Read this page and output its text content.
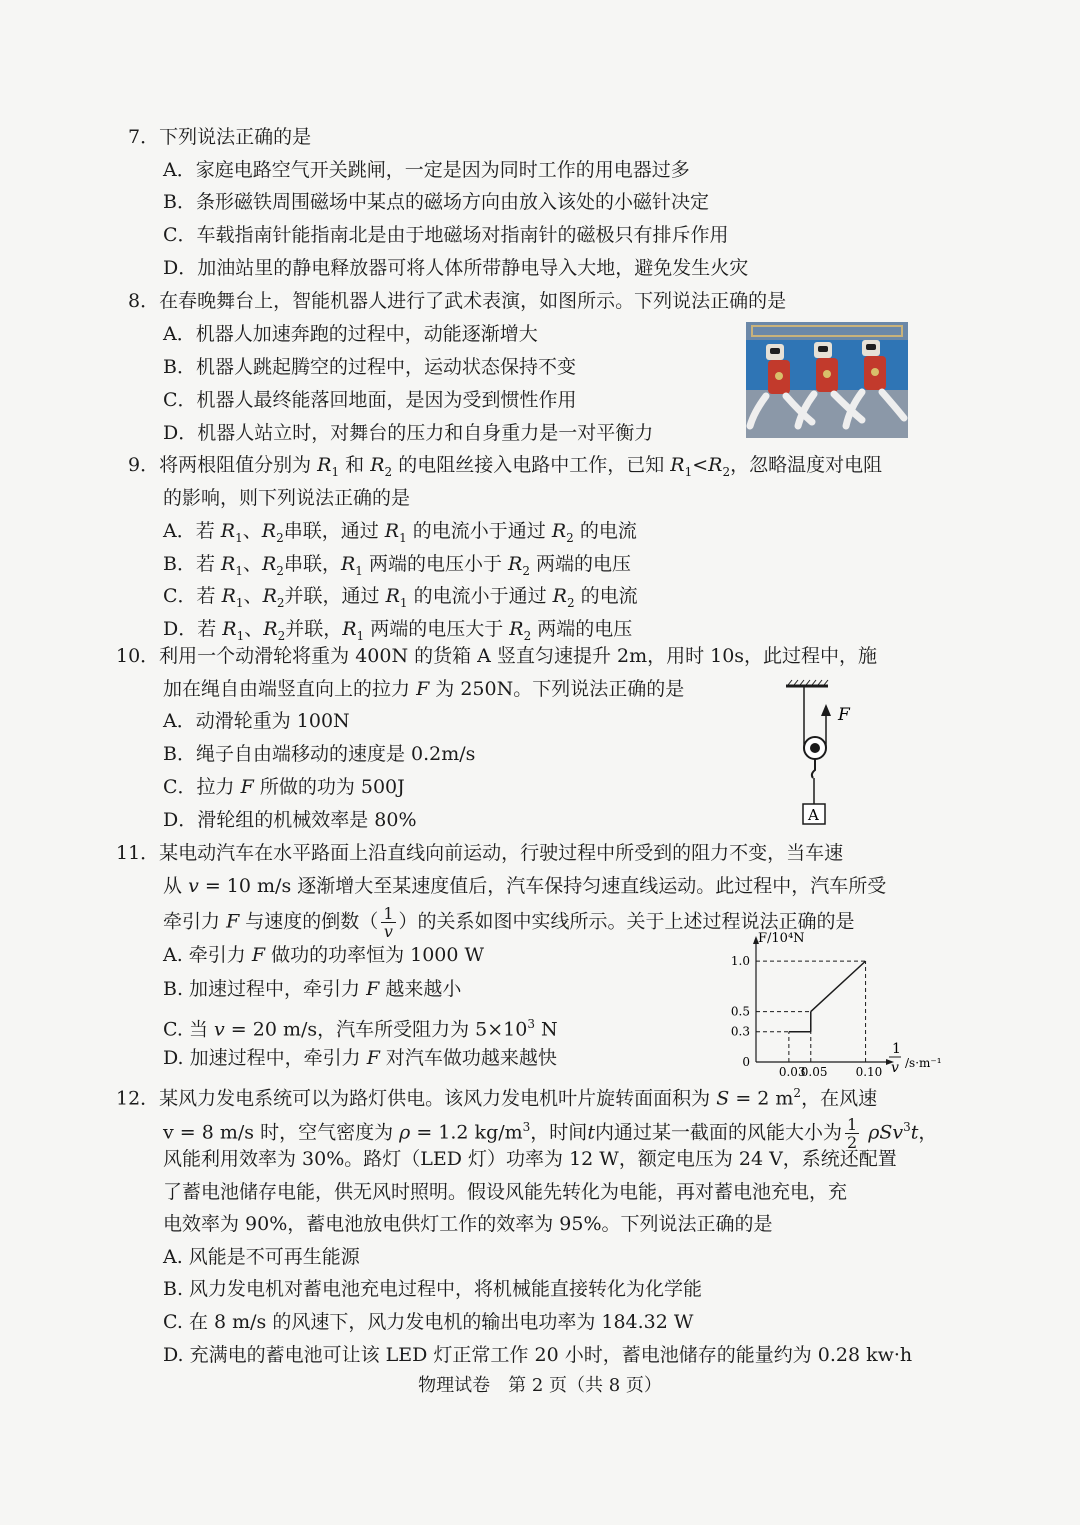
7．下列说法正确的是
A．家庭电路空气开关跳闸，一定是因为同时工作的用电器过多
B．条形磁铁周围磁场中某点的磁场方向由放入该处的小磁针决定
C．车载指南针能指南北是由于地磁场对指南针的磁极只有排斥作用
D．加油站里的静电释放器可将人体所带静电导入大地，避免发生火灾
8．在春晚舞台上，智能机器人进行了武术表演，如图所示。下列说法正确的是
A．机器人加速奔跑的过程中，动能逐渐增大
B．机器人跳起腾空的过程中，运动状态保持不变
C．机器人最终能落回地面，是因为受到惯性作用
D．机器人站立时，对舞台的压力和自身重力是一对平衡力
9．将两根阻值分别为 $R_1$ 和 $R_2$ 的电阻丝接入电路中工作，已知 $R_1<R_2$，忽略温度对电阻
的影响，则下列说法正确的是
A．若 $R_1$、$R_2$串联，通过 $R_1$ 的电流小于通过 $R_2$ 的电流
B．若 $R_1$、$R_2$串联，$R_1$ 两端的电压小于 $R_2$ 两端的电压
C．若 $R_1$、$R_2$并联，通过 $R_1$ 的电流小于通过 $R_2$ 的电流
D．若 $R_1$、$R_2$并联，$R_1$ 两端的电压大于 $R_2$ 两端的电压
10．利用一个动滑轮将重为 400N 的货箱 A 竖直匀速提升 2m，用时 10s，此过程中，施
加在绳自由端竖直向上的拉力 F 为 250N。下列说法正确的是
A．动滑轮重为 100N
B．绳子自由端移动的速度是 0.2m/s
C．拉力 F 所做的功为 500J
D．滑轮组的机械效率是 80%
F
A
11．某电动汽车在水平路面上沿直线向前运动，行驶过程中所受到的阻力不变，当车速
从 v = 10 m/s 逐渐增大至某速度值后，汽车保持匀速直线运动。此过程中，汽车所受
牵引力 F 与速度的倒数（ $\frac{1}{v}$ ）的关系如图中实线所示。关于上述过程说法正确的是
A. 牵引力 F 做功的功率恒为 1000 W
B. 加速过程中，牵引力 F 越来越小
C. 当 v = 20 m/s，汽车所受阻力为 $5\times 10^3$ N
D. 加速过程中，牵引力 F 对汽车做功越来越快
0.03
0.05 0.10
0
0.3
0.5
1.0
F/10⁴N
1
v /s·m⁻¹
12．某风力发电系统可以为路灯供电。该风力发电机叶片旋转面面积为 S = 2 $m^2$，在风速
v = 8 m/s 时，空气密度为 ρ = 1.2 $kg/m^3$，时间t内通过某一截面的风能大小为 $\frac{1}{2} \rho Sv^3t$，
风能利用效率为 30%。路灯（LED 灯）功率为 12 W，额定电压为 24 V，系统还配置
了蓄电池储存电能，供无风时照明。假设风能先转化为电能，再对蓄电池充电，充
电效率为 90%，蓄电池放电供灯工作的效率为 95%。下列说法正确的是
A. 风能是不可再生能源
B. 风力发电机对蓄电池充电过程中，将机械能直接转化为化学能
C. 在 8 m/s 的风速下，风力发电机的输出电功率为 184.32 W
D. 充满电的蓄电池可让该 LED 灯正常工作 20 小时，蓄电池储存的能量约为 0.28 kw·h
物理试卷　第 2 页（共 8 页）
